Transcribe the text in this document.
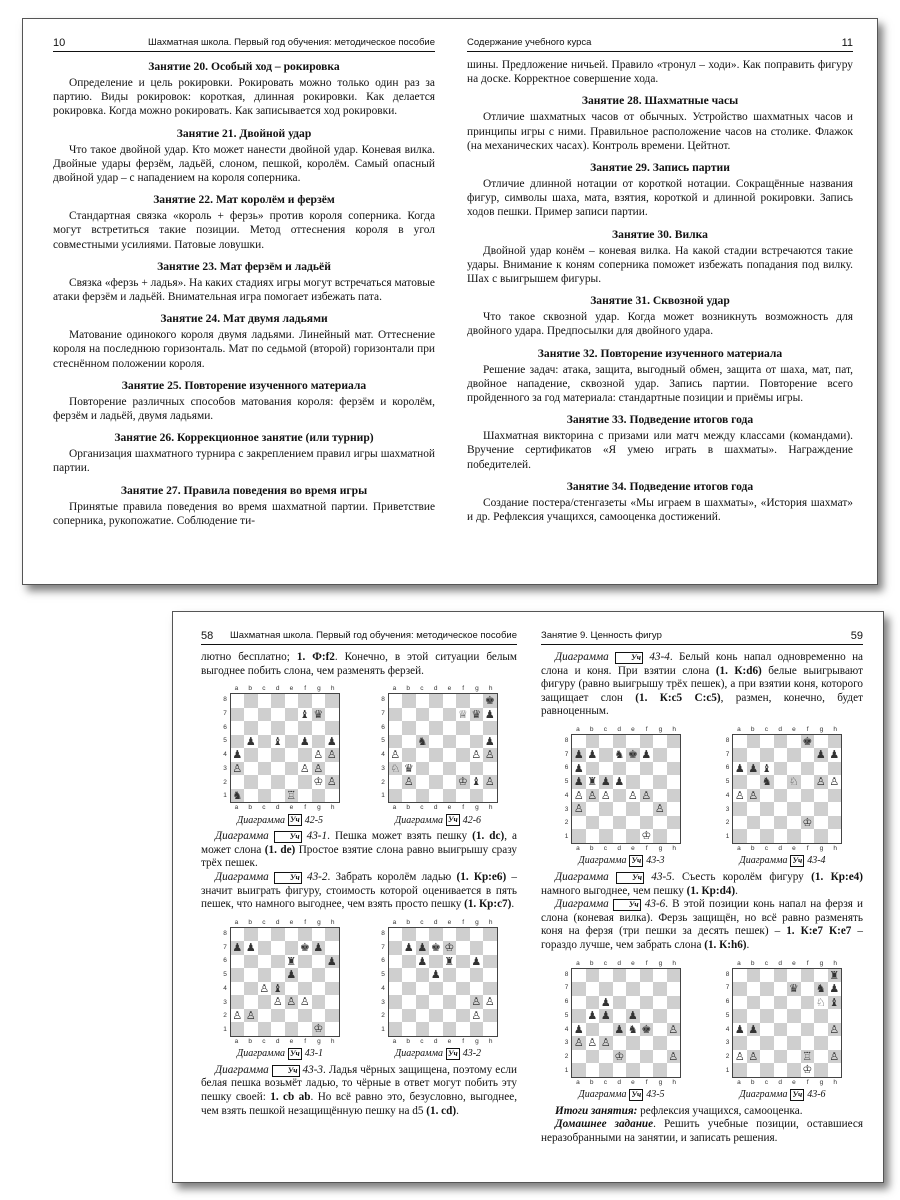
10	Шахматная школа. Первый год обучения: методическое пособие
Занятие 20. Особый ход – рокировка
Определение и цель рокировки. Рокировать можно только один раз за партию. Виды рокировок: короткая, длинная рокировки. Как делается рокировка. Когда можно рокировать. Как записывается ход рокировки.
Занятие 21. Двойной удар
Что такое двойной удар. Кто может нанести двойной удар. Коневая вилка. Двойные удары ферзём, ладьёй, слоном, пешкой, королём. Самый опасный двойной удар – с нападением на короля соперника.
Занятие 22. Мат королём и ферзём
Стандартная связка «король + ферзь» против короля соперника. Когда могут встретиться такие позиции. Метод оттеснения короля в угол совместными усилиями. Патовые ловушки.
Занятие 23. Мат ферзём и ладьёй
Связка «ферзь + ладья». На каких стадиях игры могут встречаться матовые атаки ферзём и ладьёй. Внимательная игра помогает избежать пата.
Занятие 24. Мат двумя ладьями
Матование одинокого короля двумя ладьями. Линейный мат. Оттеснение короля на последнюю горизонталь. Мат по седьмой (второй) горизонтали при стеснённом положении короля.
Занятие 25. Повторение изученного материала
Повторение различных способов матования короля: ферзём и королём, ферзём и ладьёй, двумя ладьями.
Занятие 26. Коррекционное занятие (или турнир)
Организация шахматного турнира с закреплением правил игры шахматной партии.
Занятие 27. Правила поведения во время игры
Принятые правила поведения во время шахматной партии. Приветствие соперника, рукопожатие. Соблюдение ти-
Содержание учебного курса	11
шины. Предложение ничьей. Правило «тронул – ходи». Как поправить фигуру на доске. Корректное совершение хода.
Занятие 28. Шахматные часы
Отличие шахматных часов от обычных. Устройство шахматных часов и принципы игры с ними. Правильное расположение часов на столике. Флажок (на механических часах). Контроль времени. Цейтнот.
Занятие 29. Запись партии
Отличие длинной нотации от короткой нотации. Сокращённые названия фигур, символы шаха, мата, взятия, короткой и длинной рокировки. Запись ходов пешки. Пример записи партии.
Занятие 30. Вилка
Двойной удар конём – коневая вилка. На какой стадии встречаются такие удары. Внимание к коням соперника поможет избежать попадания под вилку. Шах с выигрышем фигуры.
Занятие 31. Сквозной удар
Что такое сквозной удар. Когда может возникнуть возможность для двойного удара. Предпосылки для двойного удара.
Занятие 32. Повторение изученного материала
Решение задач: атака, защита, выгодный обмен, защита от шаха, мат, пат, двойное нападение, сквозной удар. Запись партии. Повторение всего пройденного за год материала: стандартные позиции и приёмы игры.
Занятие 33. Подведение итогов года
Шахматная викторина с призами или матч между классами (командами). Вручение сертификатов «Я умею играть в шахматы». Награждение победителей.
Занятие 34. Подведение итогов года
Создание постера/стенгазеты «Мы играем в шахматы», «История шахмат» и др. Рефлексия учащихся, самооценка достижений.
58 Шахматная школа. Первый год обучения: методическое пособие
лютно бесплатно; 1. Ф:f2. Конечно, в этой ситуации белым выгоднее побить слона, чем разменять ферзей.
a	b	c	d	e	f	g	h
8
7
6
5
4
3
2
1
♝ ♛
♟ ♝ ♟ ♟
♟	♙ ♙
♙	♙ ♙
♔ ♙
♞	♖
a	b	c	d	e	f	g	h
Диаграмма Уч 42-5
a	b	c	d	e	f	g	h
8
7
6
5
4
3
2
1
♚
♕ ♛ ♟
♞	♟
♙	♙ ♙
♘ ♛
♙	♔ ♝ ♙
a	b	c	d	e	f	g	h
Диаграмма Уч 42-6
Диаграмма	Уч 43-1. Пешка может взять пешку (1. dc), а может слона (1. de) Простое взятие слона равно выигрышу сразу трёх пешек.
Диаграмма	Уч 43-2. Забрать королём ладью (1. Кр:e6) – значит выиграть фигуру, стоимость которой оценивается в пять пешек, что намного выгоднее, чем взять просто пешку (1. Кр:c7).
a	b	c	d	e	f	g	h
8
7
6
5
4
3
2
1
♟ ♟	♚ ♟
♜	♟
♟
♙ ♝
♙ ♙ ♙
♙ ♙
♔
a	b	c	d	e	f	g	h
Диаграмма Уч 43-1
a	b	c	d	e	f	g	h
8
7
6
5
4
3
2
1
♟ ♟ ♚ ♔
♟ ♜ ♟
♟
♙ ♙
♙
a	b	c	d	e	f	g	h
Диаграмма Уч 43-2
Диаграмма Уч 43-3. Ладья чёрных защищена, поэтому если белая пешка возьмёт ладью, то чёрные в ответ могут побить эту пешку своей: 1. cb ab. Но всё равно это, безусловно, выгоднее, чем взять пешкой незащищённую пешку на d5 (1. cd).
Занятие 9. Ценность фигур	59
Диаграмма	Уч 43-4. Белый конь напал одновременно на слона и коня. При взятии слона (1. К:d6) белые выигрывают фигуру (равно выигрышу трёх пешек), а при взятии коня, которого защищает слон (1. К:c5 С:c5), размен, конечно, будет равноценным.
a	b	c	d	e	f	g	h
8
7
6
5
4
3
2
1
♟ ♟ ♞ ♚ ♟
♟
♟ ♜ ♟ ♟
♙ ♙ ♙ ♙ ♙
♙	♙
♔
a	b	c	d	e	f	g	h
Диаграмма Уч 43-3
a	b	c	d	e	f	g	h
8
7
6
5
4
3
2
1
♚
♟ ♟
♟ ♟ ♝
♞ ♘ ♙ ♙
♙ ♙
♔
a	b	c	d	e	f	g	h
Диаграмма Уч 43-4
Диаграмма	Уч 43-5. Съесть королём фигуру (1. Кр:e4) намного выгоднее, чем пешку (1. Кр:d4).
Диаграмма	Уч 43-6. В этой позиции конь напал на ферзя и слона (коневая вилка). Ферзь защищён, но всё равно разменять коня на ферзя (три пешки за десять пешек) – 1. К:e7 К:e7 – гораздо лучше, чем забрать слона (1. К:h6).
a	b	c	d	e	f	g	h
8
7
6
5
4
3
2
1
♟
♟ ♟ ♟
♟	♟ ♞ ♚ ♙
♙ ♙ ♙
♔	♙
a	b	c	d	e	f	g	h
Диаграмма Уч 43-5
a	b	c	d	e	f	g	h
8
7
6
5
4
3
2
1
♜
♛ ♞ ♟
♘ ♝
♟ ♟	♙
♙ ♙	♖ ♙
♔
a	b	c	d	e	f	g	h
Диаграмма Уч 43-6
Итоги занятия: рефлексия учащихся, самооценка.
Домашнее задание. Решить учебные позиции, оставшиеся неразобранными на занятии, и записать решения.
